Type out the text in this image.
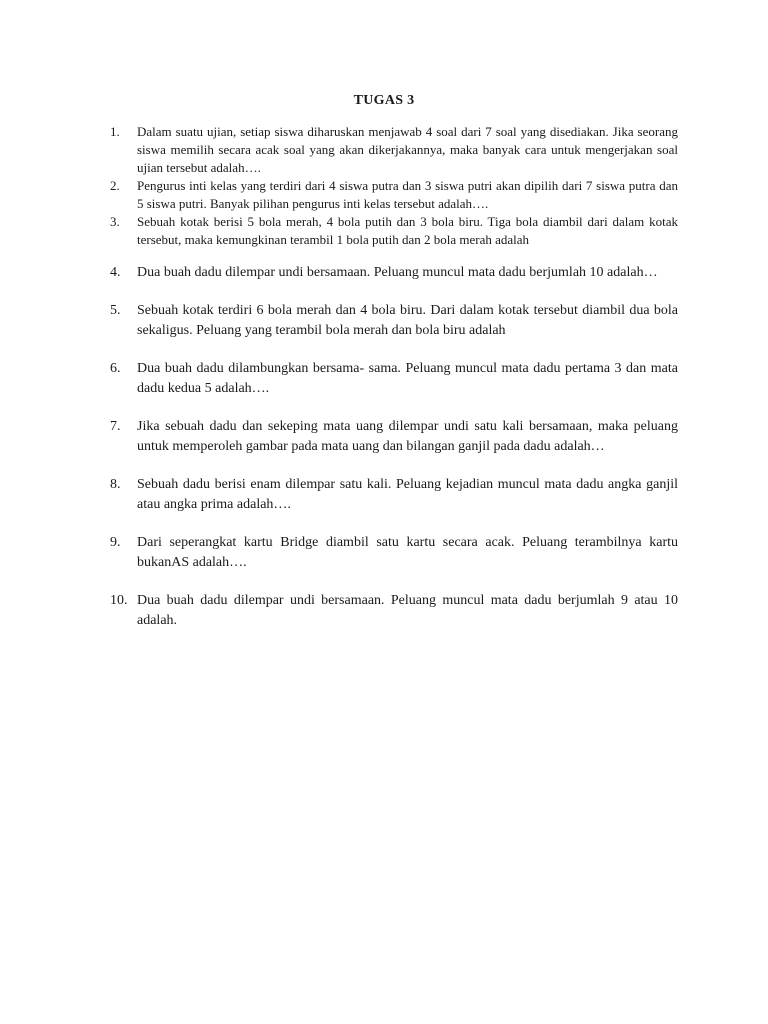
TUGAS 3
1. Dalam suatu ujian, setiap siswa diharuskan menjawab 4 soal dari 7 soal yang disediakan. Jika seorang siswa memilih secara acak soal yang akan dikerjakannya, maka banyak cara untuk mengerjakan soal ujian tersebut adalah….
2. Pengurus inti kelas yang terdiri dari 4 siswa putra dan 3 siswa putri akan dipilih dari 7 siswa putra dan 5 siswa putri. Banyak pilihan pengurus inti kelas tersebut adalah….
3. Sebuah kotak berisi 5 bola merah, 4 bola putih dan 3 bola biru. Tiga bola diambil dari dalam kotak tersebut, maka kemungkinan terambil 1 bola putih dan 2 bola merah adalah
4. Dua buah dadu dilempar undi bersamaan. Peluang muncul mata dadu berjumlah 10 adalah…
5. Sebuah kotak terdiri 6 bola merah dan 4 bola biru. Dari dalam kotak tersebut diambil dua bola sekaligus. Peluang yang terambil bola merah dan bola biru adalah
6. Dua buah dadu dilambungkan bersama- sama. Peluang muncul mata dadu pertama 3 dan mata dadu kedua 5 adalah….
7. Jika sebuah dadu dan sekeping mata uang dilempar undi satu kali bersamaan, maka peluang untuk memperoleh gambar pada mata uang dan bilangan ganjil pada dadu adalah…
8. Sebuah dadu berisi enam dilempar satu kali. Peluang kejadian muncul mata dadu angka ganjil atau angka prima adalah….
9. Dari seperangkat kartu Bridge diambil satu kartu secara acak. Peluang terambilnya kartu bukanAS adalah….
10. Dua buah dadu dilempar undi bersamaan. Peluang muncul mata dadu berjumlah 9 atau 10 adalah.
